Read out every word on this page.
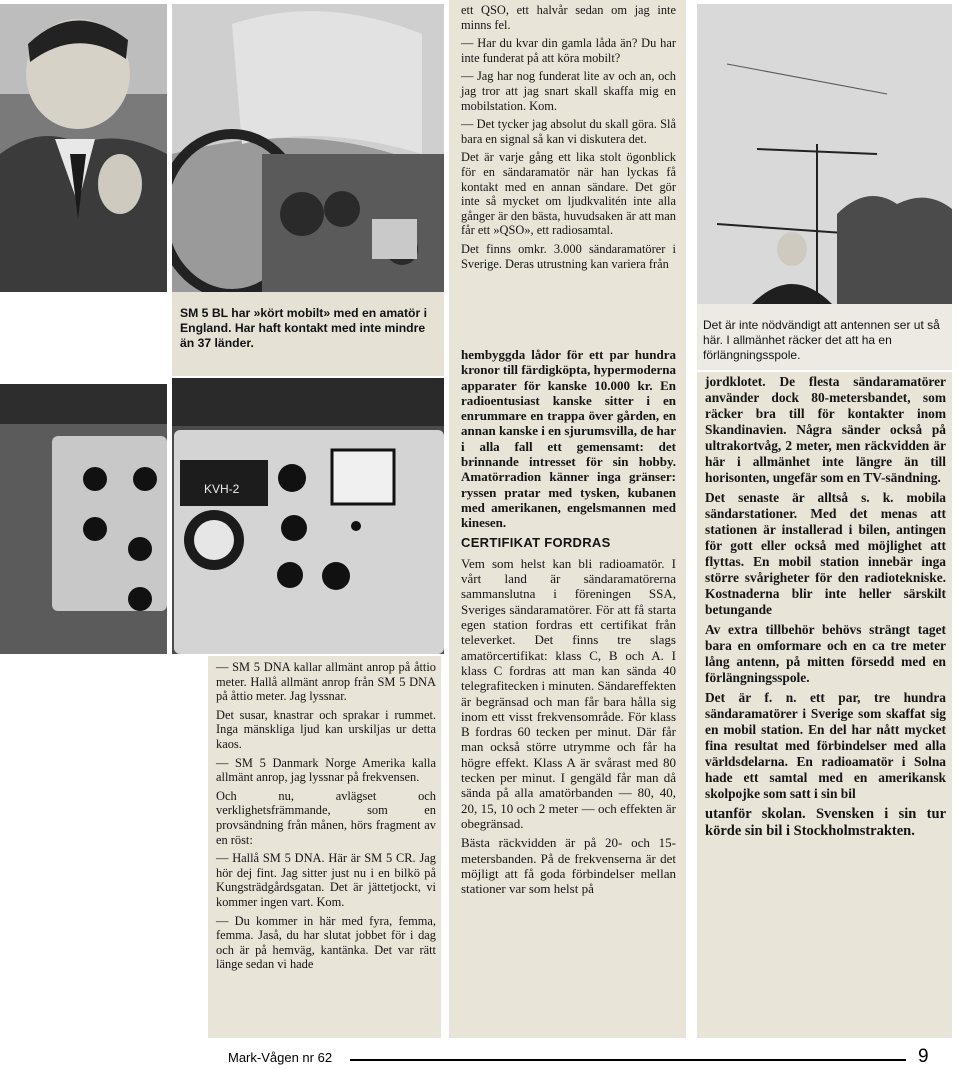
SM 5 BL har »kört mobilt» med en amatör i England. Har haft kontakt med inte mindre än 37 länder.
KVH-2

— SM 5 DNA kallar allmänt anrop på åttio meter. Hallå allmänt anrop från SM 5 DNA på åttio meter. Jag lyssnar.

Det susar, knastrar och sprakar i rummet. Inga mänskliga ljud kan urskiljas ur detta kaos.

— SM 5 Danmark Norge Amerika kalla allmänt anrop, jag lyssnar på frekvensen.

Och nu, avlägset och verklighetsfrämmande, som en provsändning från månen, hörs fragment av en röst:

— Hallå SM 5 DNA. Här är SM 5 CR. Jag hör dej fint. Jag sitter just nu i en bilkö på Kungsträdgårdsgatan. Det är jättetjockt, vi kommer ingen vart. Kom.

— Du kommer in här med fyra, femma, femma. Jaså, du har slutat jobbet för i dag och är på hemväg, kantänka. Det var rätt länge sedan vi hade

ett QSO, ett halvår sedan om jag inte minns fel.

— Har du kvar din gamla låda än? Du har inte funderat på att köra mobilt?

— Jag har nog funderat lite av och an, och jag tror att jag snart skall skaffa mig en mobilstation. Kom.

— Det tycker jag absolut du skall göra. Slå bara en signal så kan vi diskutera det.

Det är varje gång ett lika stolt ögonblick för en sändaramatör när han lyckas få kontakt med en annan sändare. Det gör inte så mycket om ljudkvalitén inte alla gånger är den bästa, huvudsaken är att man får ett »QSO», ett radiosamtal.

Det finns omkr. 3.000 sändaramatörer i Sverige. Deras utrustning kan variera från

hembyggda lådor för ett par hundra kronor till färdigköpta, hypermoderna apparater för kanske 10.000 kr. En radioentusiast kanske sitter i en enrummare en trappa över gården, en annan kanske i en sjurumsvilla, de har i alla fall ett gemensamt: det brinnande intresset för sin hobby. Amatörradion känner inga gränser: ryssen pratar med tysken, kubanen med amerikanen, engelsmannen med kinesen.

CERTIFIKAT FORDRAS

Vem som helst kan bli radioamatör. I vårt land är sändaramatörerna sammanslutna i föreningen SSA, Sveriges sändaramatörer. För att få starta egen station fordras ett certifikat från televerket. Det finns tre slags amatörcertifikat: klass C, B och A. I klass C fordras att man kan sända 40 telegrafitecken i minuten. Sändareffekten är begränsad och man får bara hålla sig inom ett visst frekvensområde. För klass B fordras 60 tecken per minut. Där får man också större utrymme och får ha högre effekt. Klass A är svårast med 80 tecken per minut. I gengäld får man då sända på alla amatörbanden — 80, 40, 20, 15, 10 och 2 meter — och effekten är obegränsad.

Bästa räckvidden är på 20- och 15-metersbanden. På de frekvenserna är det möjligt att få goda förbindelser mellan stationer var som helst på

Det är inte nödvändigt att antennen ser ut så här. I allmänhet räcker det att ha en förlängningsspole.

jordklotet. De flesta sändaramatörer använder dock 80-metersbandet, som räcker bra till för kontakter inom Skandinavien. Några sänder också på ultrakortvåg, 2 meter, men räckvidden är här i allmänhet inte längre än till horisonten, ungefär som en TV-sändning.

Det senaste är alltså s. k. mobila sändarstationer. Med det menas att stationen är installerad i bilen, antingen för gott eller också med möjlighet att flyttas. En mobil station innebär inga större svårigheter för den radiotekniske. Kostnaderna blir inte heller särskilt betungande

Av extra tillbehör behövs strängt taget bara en omformare och en ca tre meter lång antenn, på mitten försedd med en förlängningsspole.

Det är f. n. ett par, tre hundra sändaramatörer i Sverige som skaffat sig en mobil station. En del har nått mycket fina resultat med förbindelser med alla världsdelarna. En radioamatör i Solna hade ett samtal med en amerikansk skolpojke som satt i sin bil

utanför skolan. Svensken i sin tur körde sin bil i Stockholmstrakten.

Mark-Vågen nr 62	9
